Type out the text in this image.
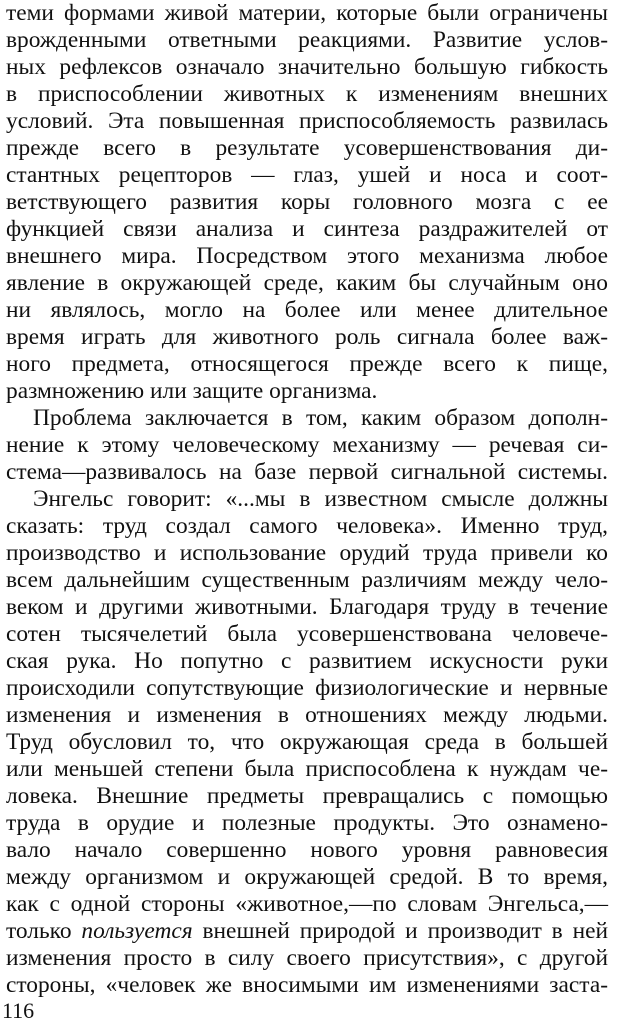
теми формами живой материи, которые были ограничены
врожденными ответными реакциями. Развитие услов-
ных рефлексов означало значительно большую гибкость
в приспособлении животных к изменениям внешних
условий. Эта повышенная приспособляемость развилась
прежде всего в результате усовершенствования ди-
стантных рецепторов — глаз, ушей и носа и соот-
ветствующего развития коры головного мозга с ее
функцией связи анализа и синтеза раздражителей от
внешнего мира. Посредством этого механизма любое
явление в окружающей среде, каким бы случайным оно
ни являлось, могло на более или менее длительное
время играть для животного роль сигнала более важ-
ного предмета, относящегося прежде всего к пище,
размножению или защите организма.
Проблема заключается в том, каким образом дополн-
нение к этому человеческому механизму — речевая си-
стема—развивалось на базе первой сигнальной системы.
Энгельс говорит: «...мы в известном смысле должны
сказать: труд создал самого человека». Именно труд,
производство и использование орудий труда привели ко
всем дальнейшим существенным различиям между чело-
веком и другими животными. Благодаря труду в течение
сотен тысячелетий была усовершенствована человече-
ская рука. Но попутно с развитием искусности руки
происходили сопутствующие физиологические и нервные
изменения и изменения в отношениях между людьми.
Труд обусловил то, что окружающая среда в большей
или меньшей степени была приспособлена к нуждам че-
ловека. Внешние предметы превращались с помощью
труда в орудие и полезные продукты. Это ознамено-
вало начало совершенно нового уровня равновесия
между организмом и окружающей средой. В то время,
как с одной стороны «животное,—по словам Энгельса,—
только пользуется внешней природой и производит в ней
изменения просто в силу своего присутствия», с другой
стороны, «человек же вносимыми им изменениями заста-
116
